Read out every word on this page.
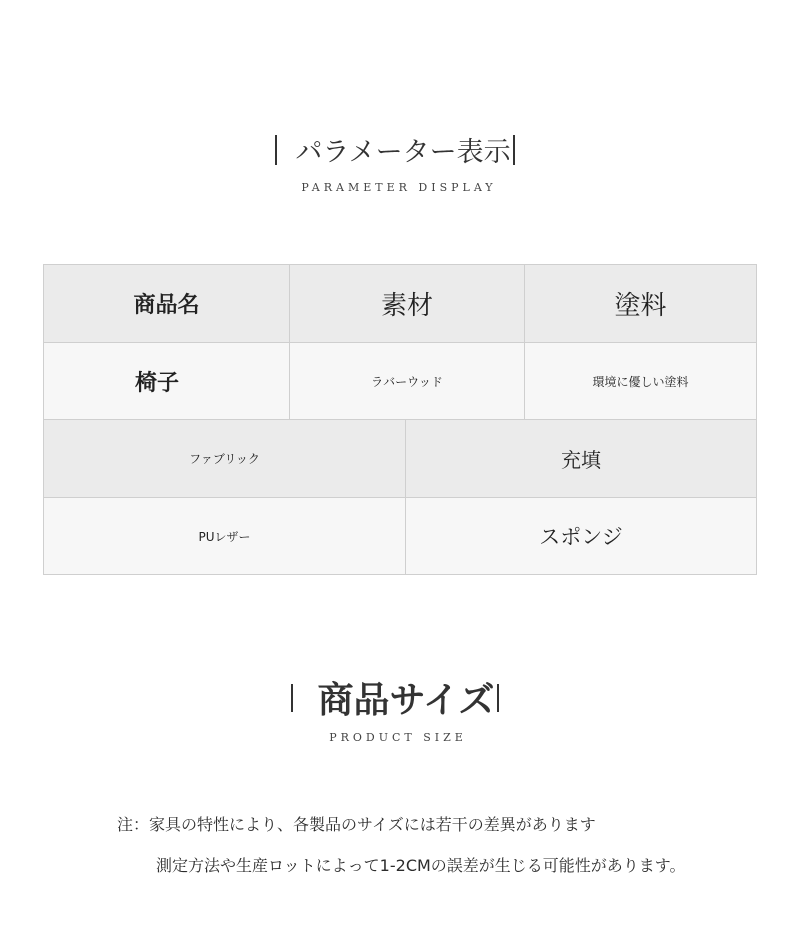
パラメーター表示
PARAMETER DISPLAY
商品名	素材	塗料
椅子	ラバーウッド	環境に優しい塗料
ファブリック	充填
PUレザー	スポンジ
商品サイズ
PRODUCT SIZE
注：家具の特性により、各製品のサイズには若干の差異があります
測定方法や生産ロットによって1-2CMの誤差が生じる可能性があります。
